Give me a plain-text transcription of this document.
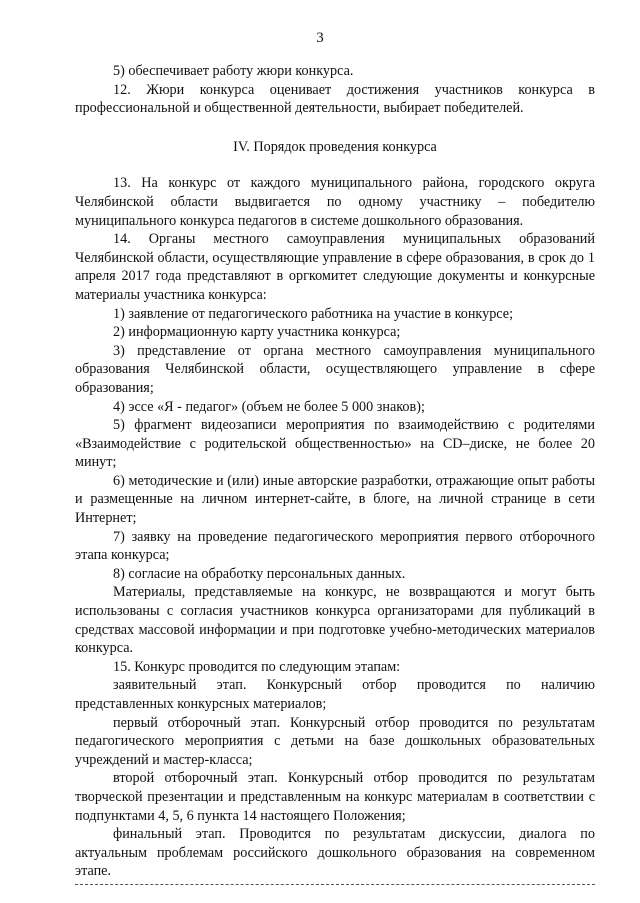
3

5) обеспечивает работу жюри конкурса.

12. Жюри конкурса оценивает достижения участников конкурса в профессиональной и общественной деятельности, выбирает победителей.

IV. Порядок проведения конкурса

13. На конкурс от каждого муниципального района, городского округа Челябинской области выдвигается по одному участнику – победителю муниципального конкурса педагогов в системе дошкольного образования.

14. Органы местного самоуправления муниципальных образований Челябинской области, осуществляющие управление в сфере образования, в срок до 1 апреля 2017 года представляют в оргкомитет следующие документы и конкурсные материалы участника конкурса:

1) заявление от педагогического работника на участие в конкурсе;

2) информационную карту участника конкурса;

3) представление от органа местного самоуправления муниципального образования Челябинской области, осуществляющего управление в сфере образования;

4) эссе «Я - педагог» (объем не более 5 000 знаков);

5) фрагмент видеозаписи мероприятия по взаимодействию с родителями «Взаимодействие с родительской общественностью» на CD–диске, не более 20 минут;

6) методические и (или) иные авторские разработки, отражающие опыт работы и размещенные на личном интернет-сайте, в блоге, на личной странице в сети Интернет;

7) заявку на проведение педагогического мероприятия первого отборочного этапа конкурса;

8) согласие на обработку персональных данных.

Материалы, представляемые на конкурс, не возвращаются и могут быть использованы с согласия участников конкурса организаторами для публикаций в средствах массовой информации и при подготовке учебно-методических материалов конкурса.

15. Конкурс проводится по следующим этапам:

заявительный этап. Конкурсный отбор проводится по наличию представленных конкурсных материалов;

первый отборочный этап. Конкурсный отбор проводится по результатам педагогического мероприятия с детьми на базе дошкольных образовательных учреждений и мастер-класса;

второй отборочный этап. Конкурсный отбор проводится по результатам творческой презентации и представленным на конкурс материалам в соответствии с подпунктами 4, 5, 6 пункта 14 настоящего Положения;

финальный этап. Проводится по результатам дискуссии, диалога по актуальным проблемам российского дошкольного образования на современном этапе.
